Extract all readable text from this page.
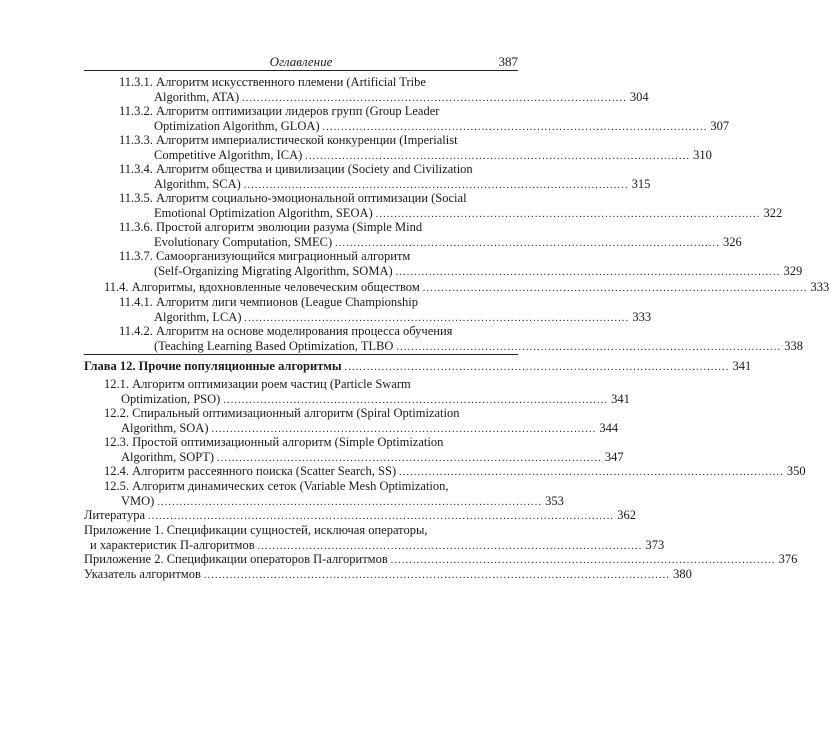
Оглавление	387
11.3.1. Алгоритм искусственного племени (Artificial Tribe
Algorithm, ATA) ........................................................................................................ 304
11.3.2. Алгоритм оптимизации лидеров групп (Group Leader
Optimization Algorithm, GLOA) ........................................................................................................ 307
11.3.3. Алгоритм империалистической конкуренции (Imperialist
Competitive Algorithm, ICA) ........................................................................................................ 310
11.3.4. Алгоритм общества и цивилизации (Society and Civilization
Algorithm, SCA) ........................................................................................................ 315
11.3.5. Алгоритм социально-эмоциональной оптимизации (Social
Emotional Optimization Algorithm, SEOA) ........................................................................................................ 322
11.3.6. Простой алгоритм эволюции разума (Simple Mind
Evolutionary Computation, SMEC) ........................................................................................................ 326
11.3.7. Самоорганизующийся миграционный алгоритм
(Self-Organizing Migrating Algorithm, SOMA) ........................................................................................................ 329
11.4. Алгоритмы, вдохновленные человеческим обществом ........................................................................................................ 333
11.4.1. Алгоритм лиги чемпионов (League Championship
Algorithm, LCA) ........................................................................................................ 333
11.4.2. Алгоритм на основе моделирования процесса обучения
(Teaching Learning Based Optimization, TLBO ........................................................................................................ 338
Глава 12. Прочие популяционные алгоритмы ........................................................................................................ 341
12.1. Алгоритм оптимизации роем частиц (Particle Swarm
Optimization, PSO) ........................................................................................................ 341
12.2. Спиральный оптимизационный алгоритм (Spiral Optimization
Algorithm, SOA) ........................................................................................................ 344
12.3. Простой оптимизационный алгоритм (Simple Optimization
Algorithm, SOPT) ........................................................................................................ 347
12.4. Алгоритм рассеянного поиска (Scatter Search, SS) ........................................................................................................ 350
12.5. Алгоритм динамических сеток (Variable Mesh Optimization,
VMO) ........................................................................................................ 353
Литература .............................................................................................................................. 362
Приложение 1. Спецификации сущностей, исключая операторы,
и характеристик П-алгоритмов ........................................................................................................ 373
Приложение 2. Спецификации операторов П-алгоритмов ........................................................................................................ 376
Указатель алгоритмов .............................................................................................................................. 380
